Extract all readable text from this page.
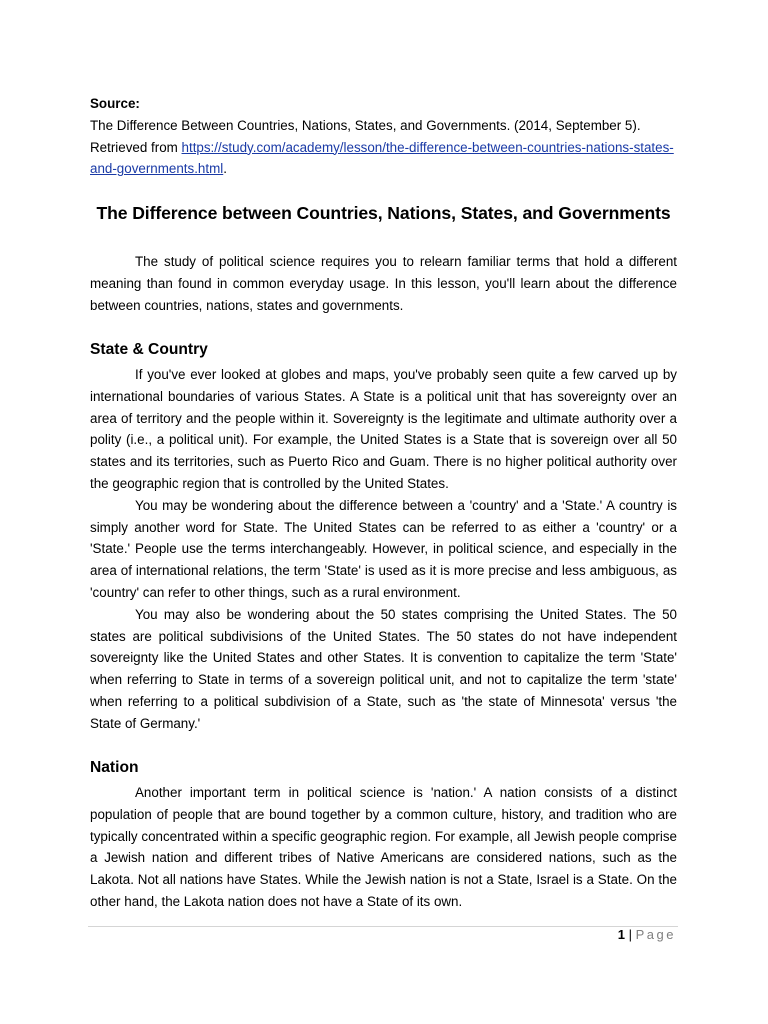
Source:

The Difference Between Countries, Nations, States, and Governments. (2014, September 5).

Retrieved from https://study.com/academy/lesson/the-difference-between-countries-nations-states-and-governments.html.

The Difference between Countries, Nations, States, and Governments

The study of political science requires you to relearn familiar terms that hold a different meaning than found in common everyday usage. In this lesson, you'll learn about the difference between countries, nations, states and governments.

State & Country

If you've ever looked at globes and maps, you've probably seen quite a few carved up by international boundaries of various States. A State is a political unit that has sovereignty over an area of territory and the people within it. Sovereignty is the legitimate and ultimate authority over a polity (i.e., a political unit). For example, the United States is a State that is sovereign over all 50 states and its territories, such as Puerto Rico and Guam. There is no higher political authority over the geographic region that is controlled by the United States.

You may be wondering about the difference between a 'country' and a 'State.' A country is simply another word for State. The United States can be referred to as either a 'country' or a 'State.' People use the terms interchangeably. However, in political science, and especially in the area of international relations, the term 'State' is used as it is more precise and less ambiguous, as 'country' can refer to other things, such as a rural environment.

You may also be wondering about the 50 states comprising the United States. The 50 states are political subdivisions of the United States. The 50 states do not have independent sovereignty like the United States and other States. It is convention to capitalize the term 'State' when referring to State in terms of a sovereign political unit, and not to capitalize the term 'state' when referring to a political subdivision of a State, such as 'the state of Minnesota' versus 'the State of Germany.'

Nation

Another important term in political science is 'nation.' A nation consists of a distinct population of people that are bound together by a common culture, history, and tradition who are typically concentrated within a specific geographic region. For example, all Jewish people comprise a Jewish nation and different tribes of Native Americans are considered nations, such as the Lakota. Not all nations have States. While the Jewish nation is not a State, Israel is a State. On the other hand, the Lakota nation does not have a State of its own.

1 | Page
